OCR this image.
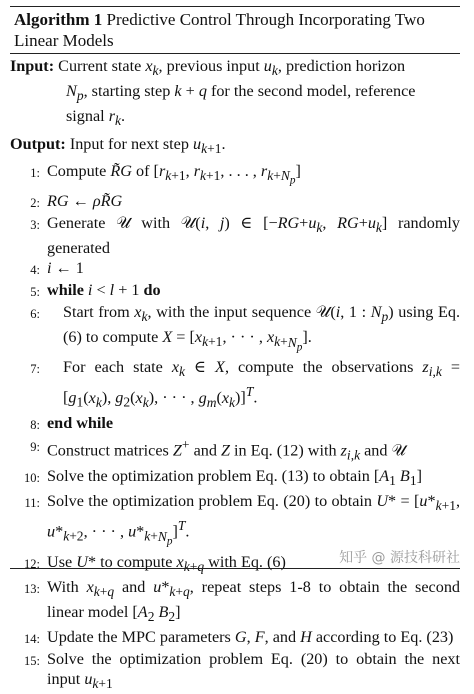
Algorithm 1 Predictive Control Through Incorporating Two Linear Models
Input: Current state $x_k$, previous input $u_k$, prediction horizon
$N_p$, starting step k + q for the second model, reference
signal $r_k$.
Output: Input for next step $u_{k+1}$.
1: Compute R̃G of [$r_{k+1}$, $r_{k+1}$, . . . , $r_{k+N_p}$]
2: RG ← ρR̃G
3: Generate 𝒰 with 𝒰(i, j) ∈ [$-RG+u_k$, $RG+u_k$] randomly generated
4: i ← 1
5: while i < l + 1 do
6:	Start from $x_k$, with the input sequence 𝒰(i, 1 : $N_p$) using Eq. (6) to compute $X = [x_{k+1}$, · · · , $x_{k+N_p}$].
7:	For each state $x_k$ ∈ X, compute the observations $z_{i,k} = [g_1(x_k)$, $g_2(x_k)$, · · · , $g_m(x_k)]^T$.
8: end while
9: Construct matrices Z+ and Z in Eq. (12) with $z_{i,k}$ and 𝒰
10: Solve the optimization problem Eq. (13) to obtain [$A_1$ $B_1$]
11: Solve the optimization problem Eq. (20) to obtain $U* = [u*_{k+1}$, $u*_{k+2}$, · · · , $u*_{k+N_p}]^T$.
12: Use U* to compute $x_{k+q}$ with Eq. (6)
13: With $x_{k+q}$ and $u*_{k+q}$, repeat steps 1-8 to obtain the second linear model [$A_2$ $B_2$]
14: Update the MPC parameters G, F, and H according to Eq. (23)
15: Solve the optimization problem Eq. (20) to obtain the next input $u_{k+1}$
知乎 @ 源技科研社
